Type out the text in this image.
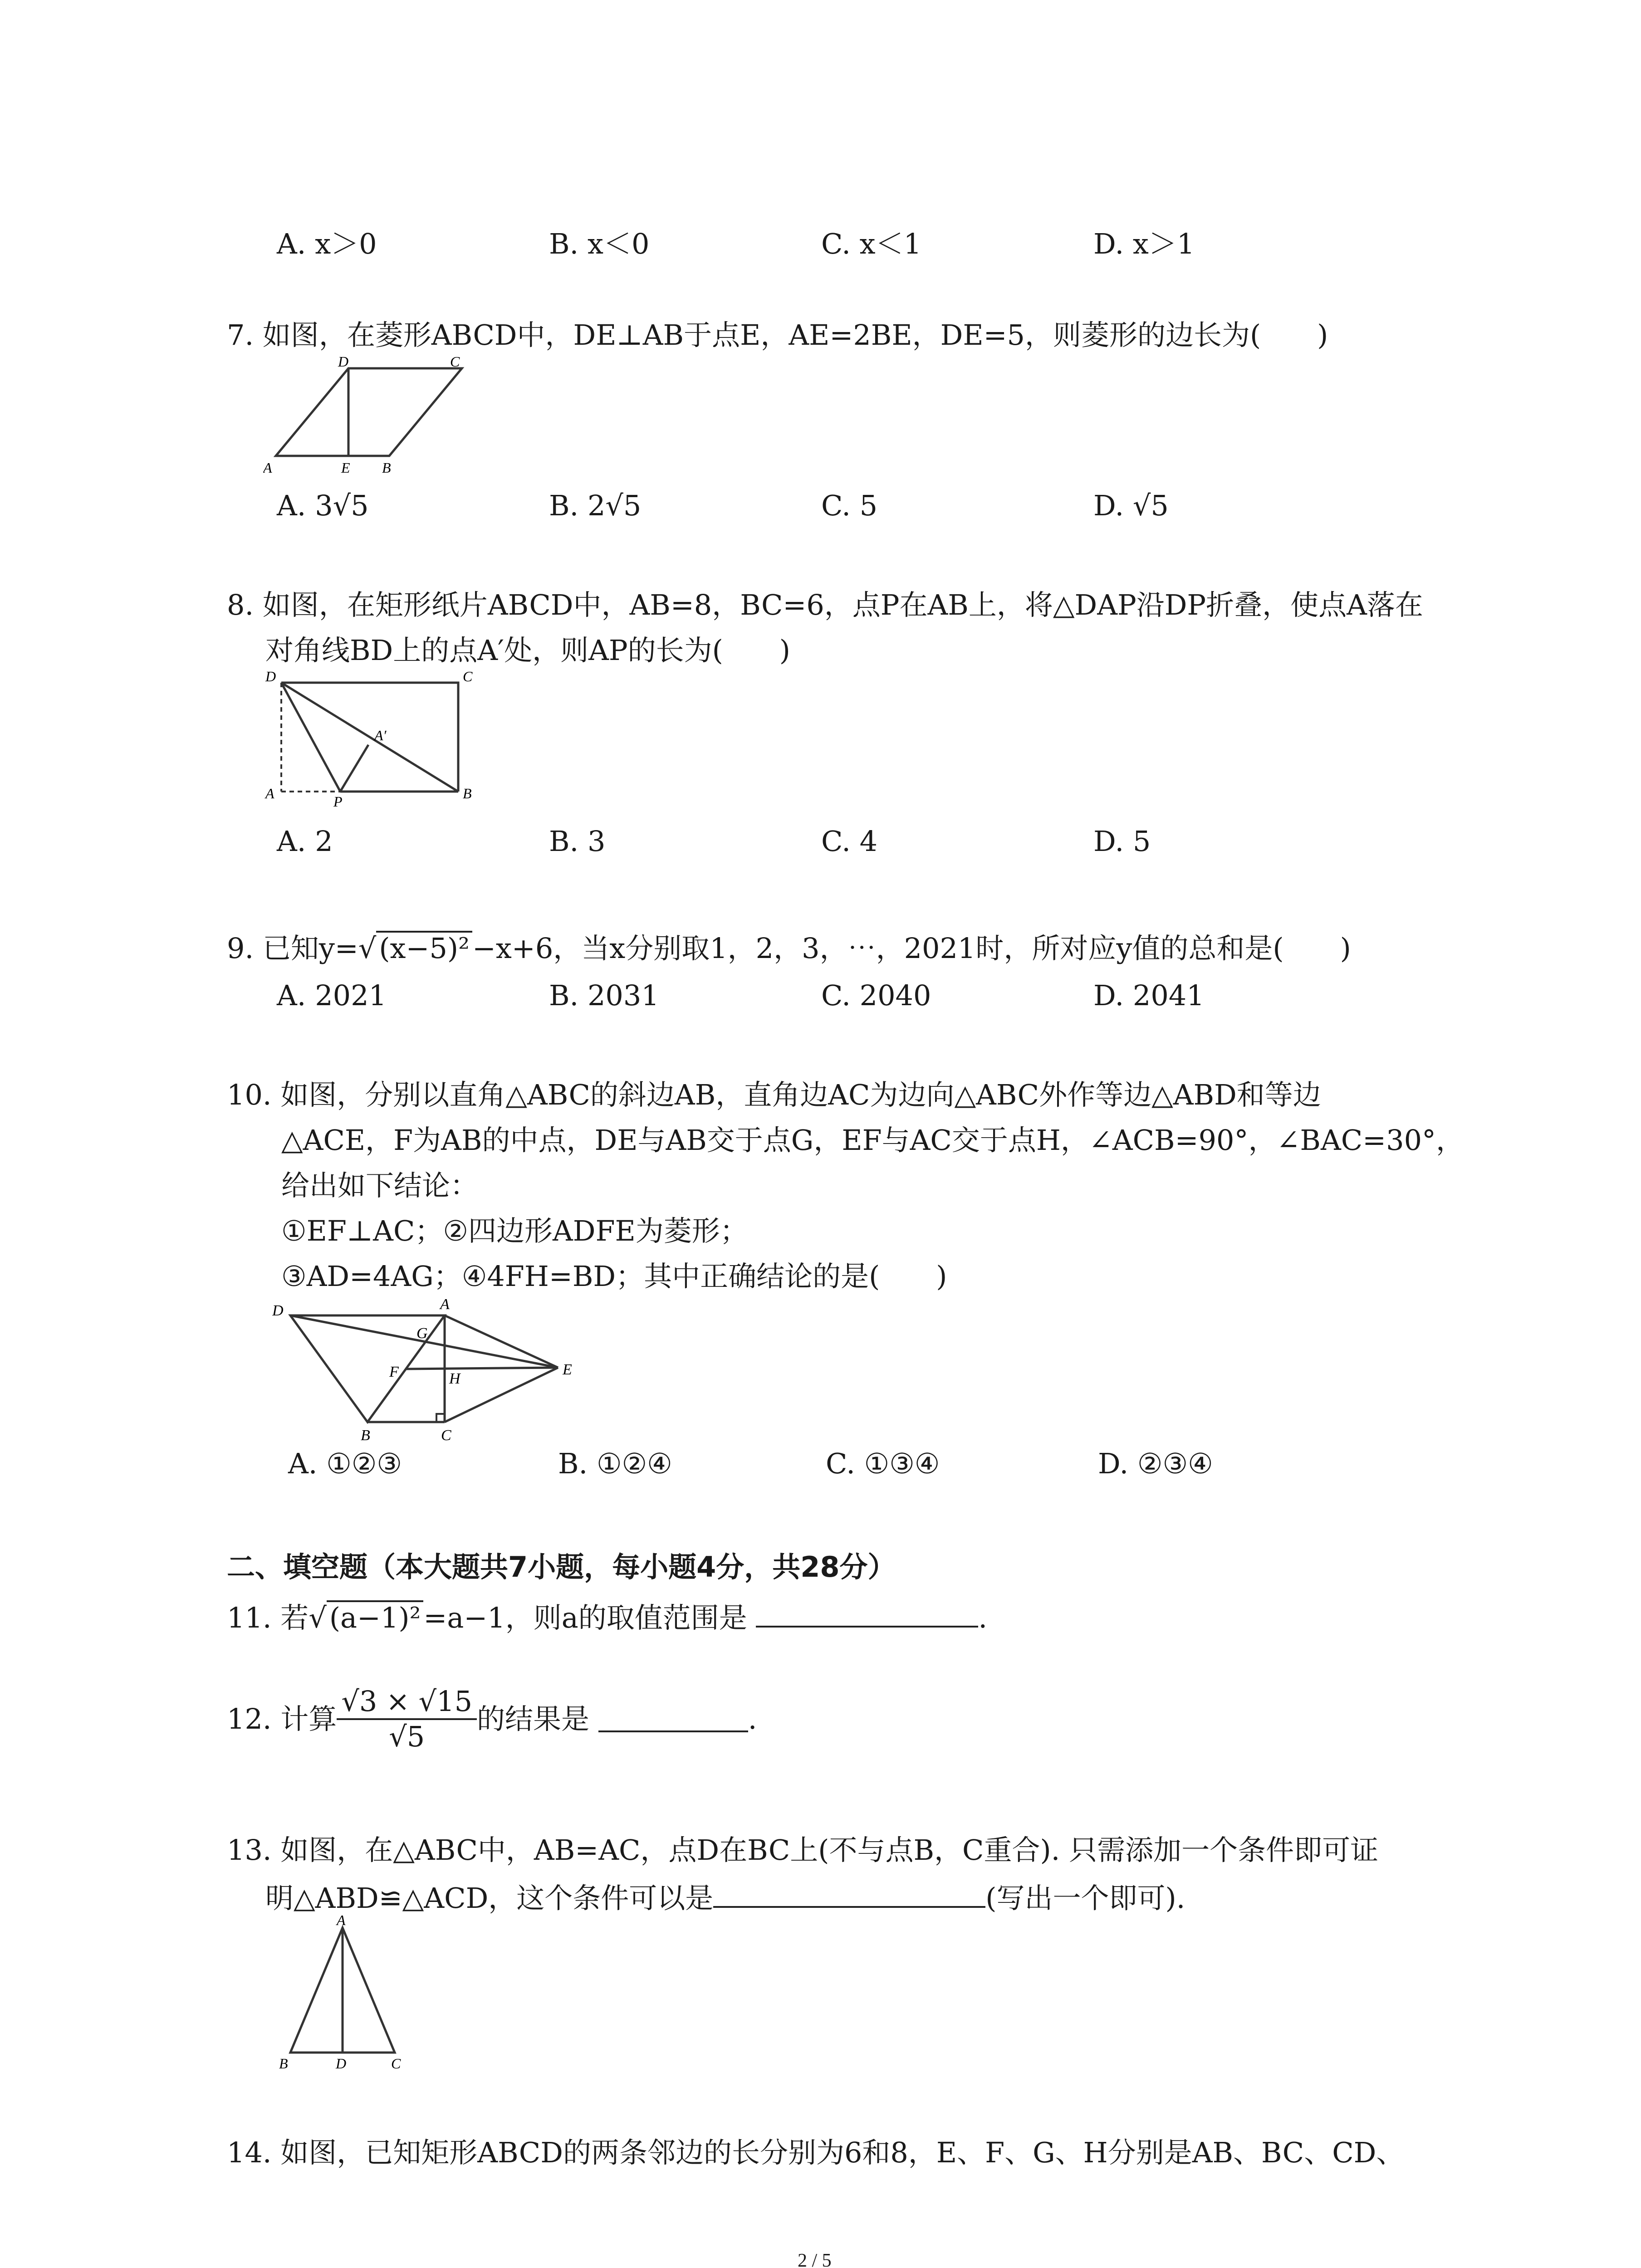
A. x＞0	B. x＜0	C. x＜1	D. x＞1
7. 如图，在菱形ABCD中，DE⊥AB于点E，AE=2BE，DE=5，则菱形的边长为(　　)
D	C
A	E B
A. 3√5	B. 2√5	C. 5	D. √5
8. 如图，在矩形纸片ABCD中，AB=8，BC=6，点P在AB上，将△DAP沿DP折叠，使点A落在
对角线BD上的点A′处，则AP的长为(　　)
D	C
A′
A	P	B
A. 2	B. 3	C. 4	D. 5
9. 已知y=√(x−5)²−x+6，当x分别取1，2，3，⋯，2021时，所对应y值的总和是(　　)
A. 2021	B. 2031	C. 2040	D. 2041
10. 如图，分别以直角△ABC的斜边AB，直角边AC为边向△ABC外作等边△ABD和等边
△ACE，F为AB的中点，DE与AB交于点G，EF与AC交于点H，∠ACB=90°，∠BAC=30°，
给出如下结论：
①EF⊥AC；②四边形ADFE为菱形；
③AD=4AG；④4FH=BD；其中正确结论的是(　　)
D	A
G
F	H
E
B	C
A. ①②③	B. ①②④	C. ①③④	D. ②③④
二、填空题（本大题共7小题，每小题4分，共28分）
11. 若√(a−1)²=a−1，则a的取值范围是	.
12. 计算 $\frac{√3 \times √15}{√5}$ 的结果是	.
13. 如图，在△ABC中，AB=AC，点D在BC上(不与点B，C重合). 只需添加一个条件即可证
明△ABD≌△ACD，这个条件可以是	(写出一个即可).
A
B	D	C
14. 如图，已知矩形ABCD的两条邻边的长分别为6和8，E、F、G、H分别是AB、BC、CD、
2 / 5
